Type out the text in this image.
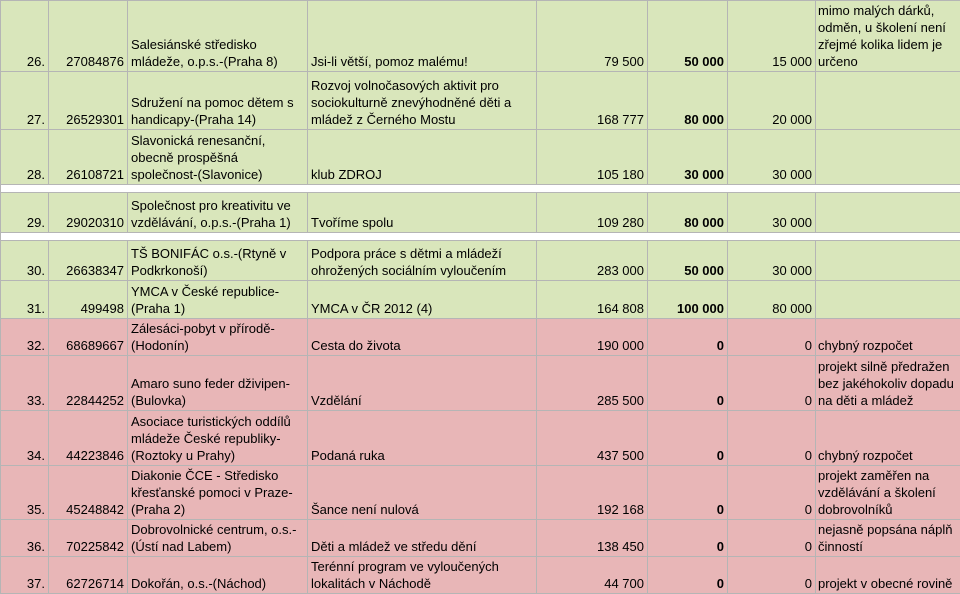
26.	27084876	Salesiánské středisko mládeže, o.p.s.-(Praha 8)	Jsi-li větší, pomoz malému!	79 500	50 000	15 000	mimo malých dárků, odměn, u školení není zřejmé kolika lidem je určeno
27.	26529301	Sdružení na pomoc dětem s handicapy-(Praha 14)	Rozvoj volnočasových aktivit pro sociokulturně znevýhodněné děti a mládež z Černého Mostu	168 777	80 000	20 000	
28.	26108721	Slavonická renesanční, obecně prospěšná společnost-(Slavonice)	klub ZDROJ	105 180	30 000	30 000	

29.	29020310	Společnost pro kreativitu ve vzdělávání, o.p.s.-(Praha 1)	Tvoříme spolu	109 280	80 000	30 000	

30.	26638347	TŠ BONIFÁC o.s.-(Rtyně v Podkrkonoší)	Podpora práce s dětmi a mládeží ohrožených sociálním vyloučením	283 000	50 000	30 000	
31.	499498	YMCA v České republice-(Praha 1)	YMCA v ČR 2012 (4)	164 808	100 000	80 000	
32.	68689667	Zálesáci-pobyt v přírodě-(Hodonín)	Cesta do života	190 000	0	0	chybný rozpočet
33.	22844252	Amaro suno feder dživipen-(Bulovka)	Vzdělání	285 500	0	0	projekt silně předražen bez jakéhokoliv dopadu na děti a mládež
34.	44223846	Asociace turistických oddílů mládeže České republiky-(Roztoky u Prahy)	Podaná ruka	437 500	0	0	chybný rozpočet
35.	45248842	Diakonie ČCE - Středisko křesťanské pomoci v Praze-(Praha 2)	Šance není nulová	192 168	0	0	projekt zaměřen na vzdělávání a školení dobrovolníků
36.	70225842	Dobrovolnické centrum, o.s.-(Ústí nad Labem)	Děti a mládež ve středu dění	138 450	0	0	nejasně popsána náplň činností
37.	62726714	Dokořán, o.s.-(Náchod)	Terénní program ve vyloučených lokalitách v Náchodě	44 700	0	0	projekt v obecné rovině
